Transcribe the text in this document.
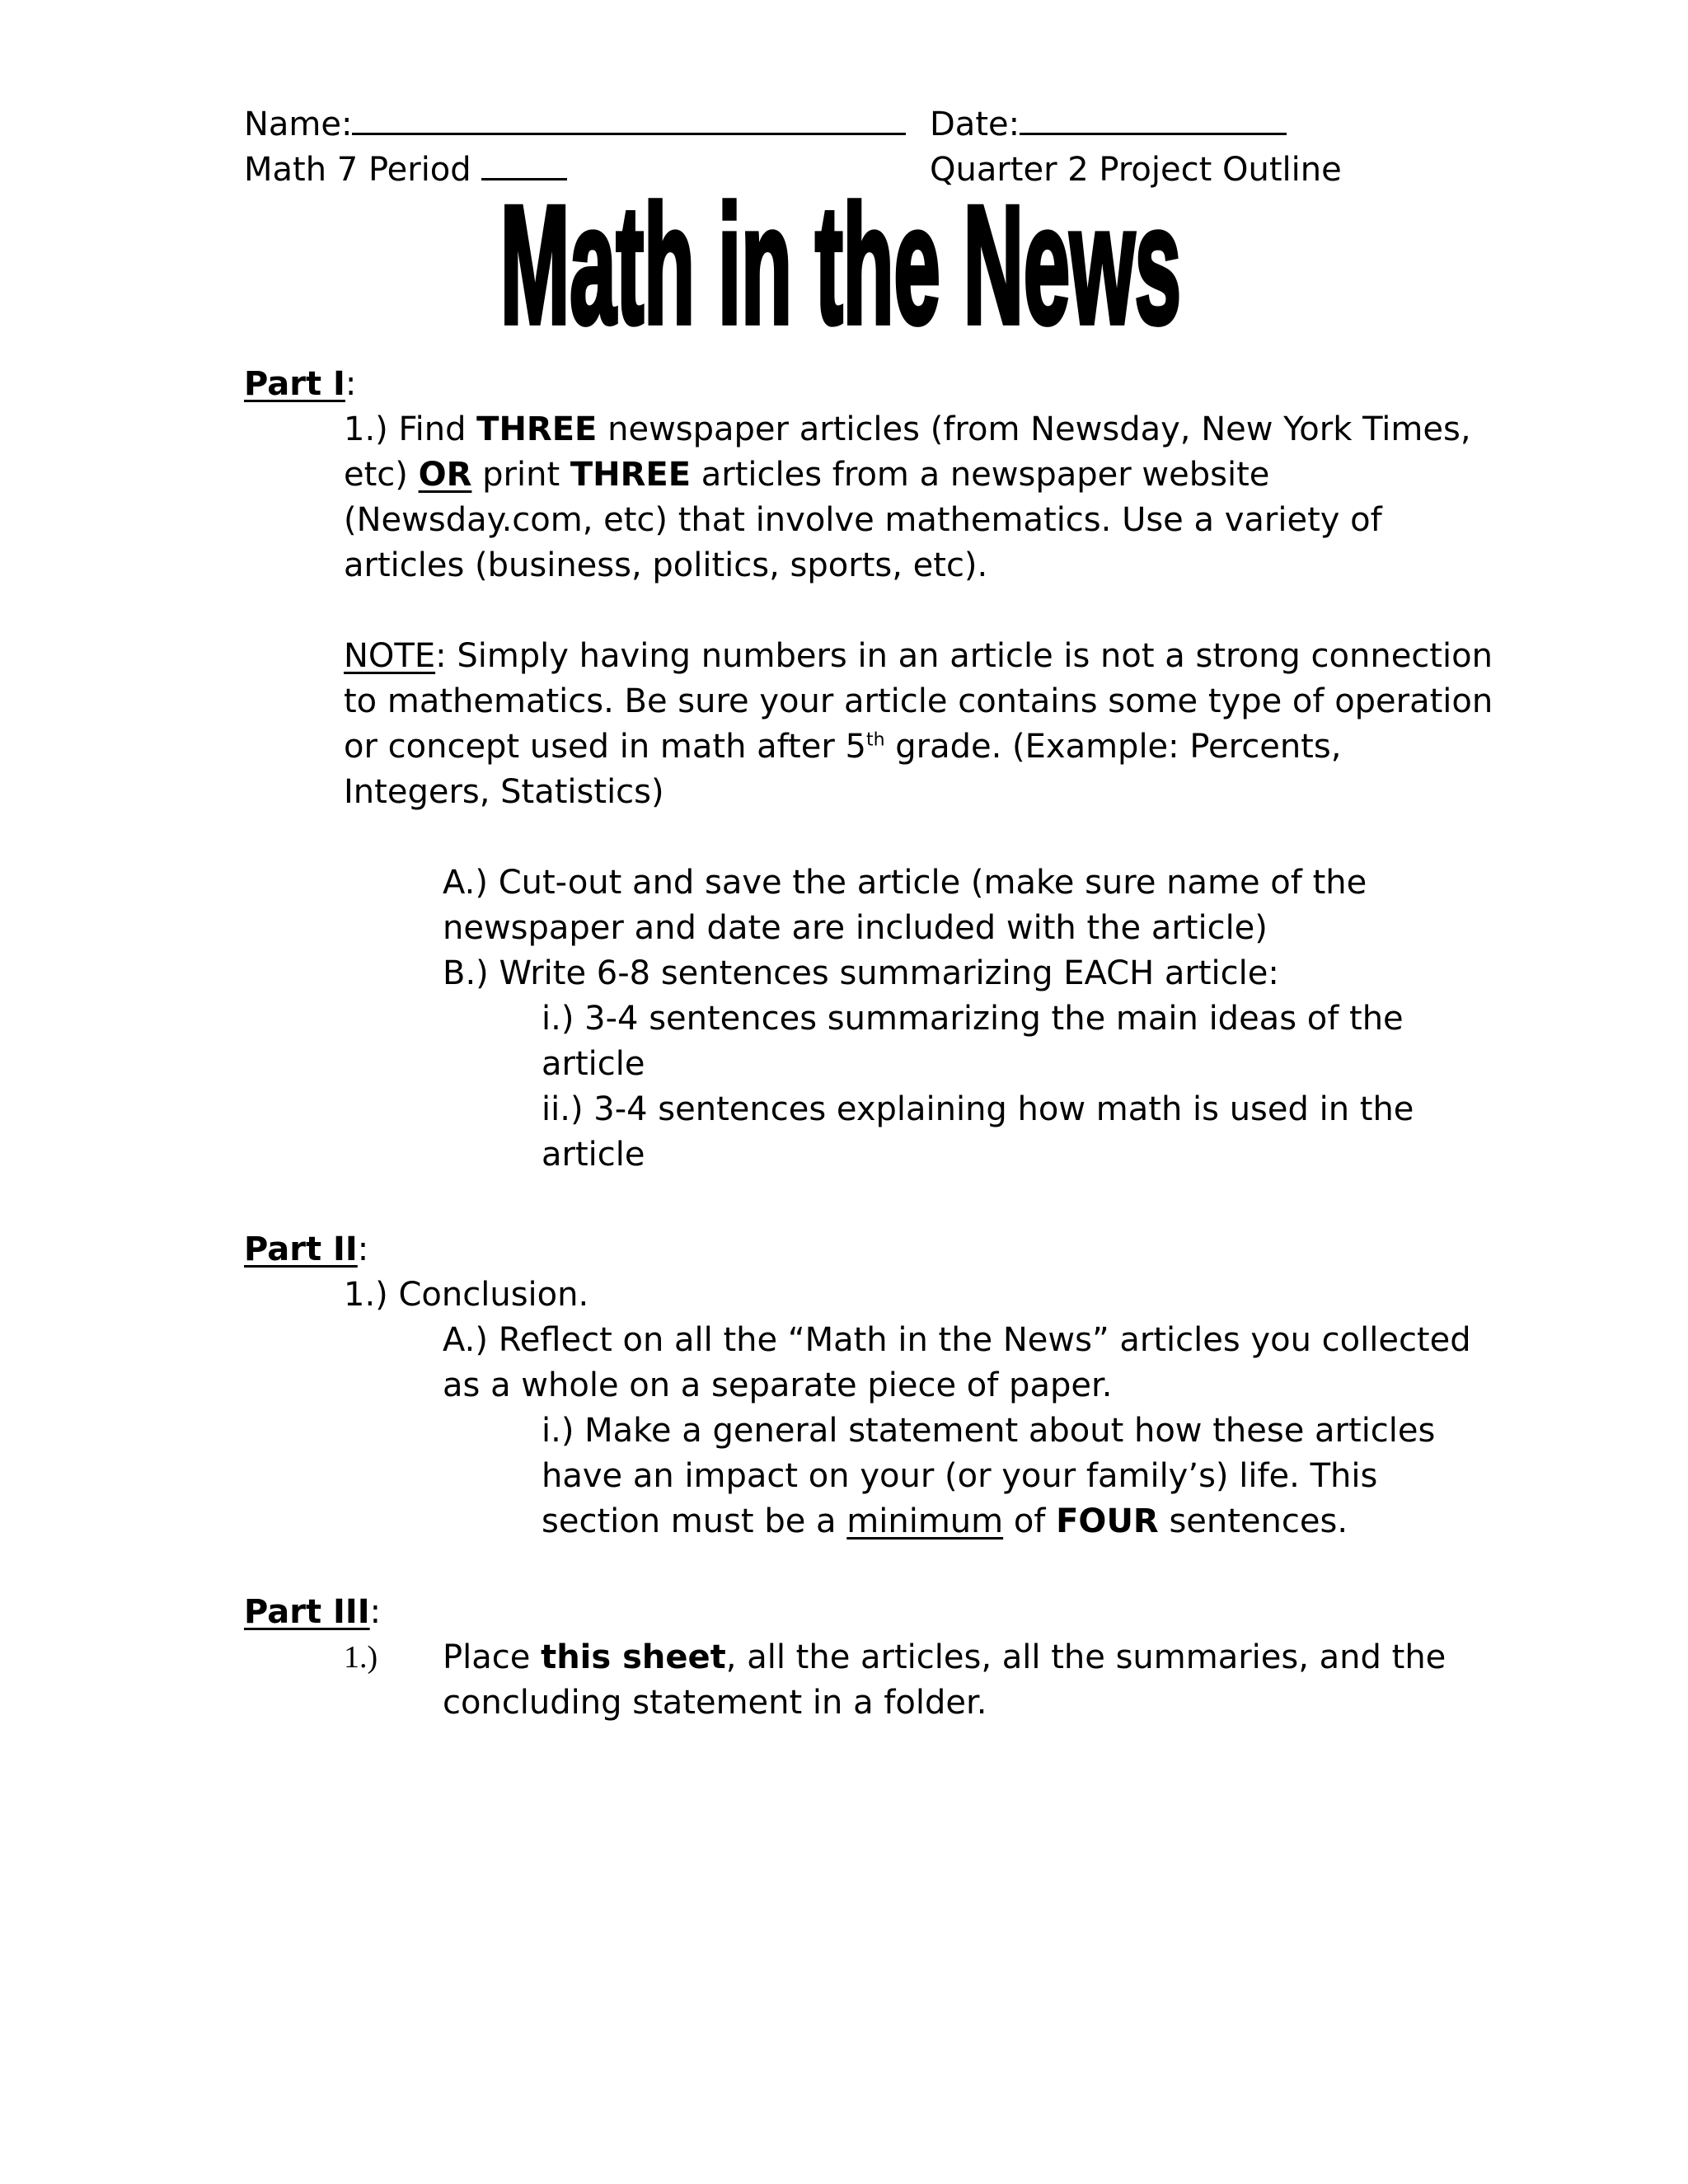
Name:	Date:
Math 7 Period	Quarter 2 Project Outline
Math in the News
Part I:
1.) Find THREE newspaper articles (from Newsday, New York Times,
etc) OR print THREE articles from a newspaper website
(Newsday.com, etc) that involve mathematics. Use a variety of
articles (business, politics, sports, etc).
NOTE: Simply having numbers in an article is not a strong connection
to mathematics. Be sure your article contains some type of operation
or concept used in math after 5th grade. (Example: Percents,
Integers, Statistics)
A.) Cut-out and save the article (make sure name of the
newspaper and date are included with the article)
B.) Write 6-8 sentences summarizing EACH article:
i.) 3-4 sentences summarizing the main ideas of the
article
ii.) 3-4 sentences explaining how math is used in the
article
Part II:
1.) Conclusion.
A.) Reflect on all the “Math in the News” articles you collected
as a whole on a separate piece of paper.
i.) Make a general statement about how these articles
have an impact on your (or your family’s) life. This
section must be a minimum of FOUR sentences.
Part III:
1.) Place this sheet, all the articles, all the summaries, and the
concluding statement in a folder.
